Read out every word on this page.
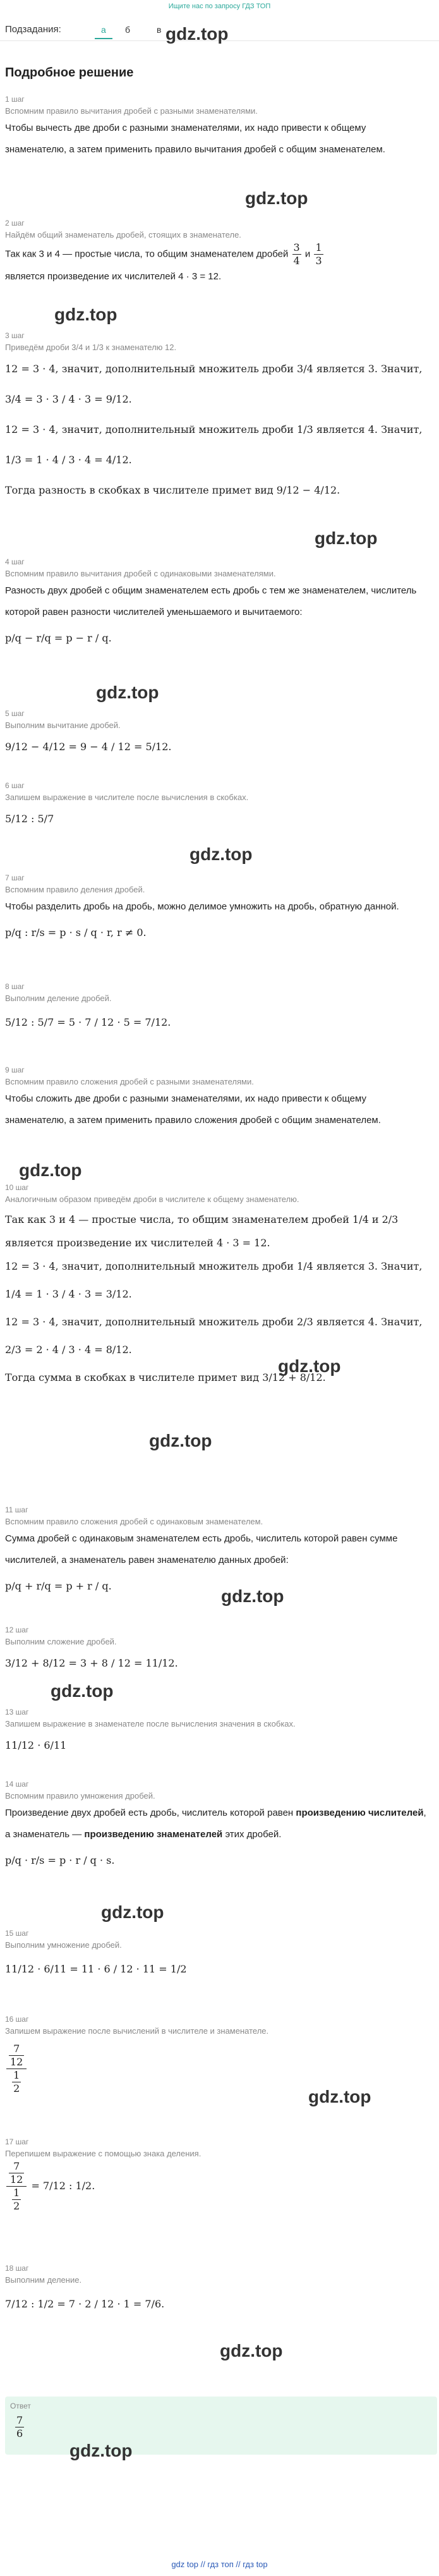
Ищите нас по запросу ГДЗ ТОП
Подзадания:	а	б	в gdz.top
Подробное решение
1 шаг
Вспомним правило вычитания дробей с разными знаменателями.
Чтобы вычесть две дроби с разными знаменателями, их надо привести к общему знаменателю, а затем применить правило вычитания дробей с общим знаменателем.
gdz.top
2 шаг
Найдём общий знаменатель дробей, стоящих в знаменателе.
Так как 3 и 4 — простые числа, то общим знаменателем дробей $\frac{3}{4}$ и $\frac{1}{3}$
является произведение их числителей 4 · 3 = 12.
gdz.top
3 шаг
Приведём дроби 3/4 и 1/3 к знаменателю 12.
12 = 3 · 4, значит, дополнительный множитель дроби 3/4 является 3. Значит,
3/4 = 3 · 3 / 4 · 3 = 9/12.
12 = 3 · 4, значит, дополнительный множитель дроби 1/3 является 4. Значит,
1/3 = 1 · 4 / 3 · 4 = 4/12.
Тогда разность в скобках в числителе примет вид 9/12 − 4/12.
gdz.top
4 шаг
Вспомним правило вычитания дробей с одинаковыми знаменателями.
Разность двух дробей с общим знаменателем есть дробь с тем же знаменателем, числитель которой равен разности числителей уменьшаемого и вычитаемого:
p/q − r/q = p − r / q.
gdz.top
5 шаг
Выполним вычитание дробей.
9/12 − 4/12 = 9 − 4 / 12 = 5/12.
6 шаг
Запишем выражение в числителе после вычисления в скобках.
5/12 : 5/7
gdz.top
7 шаг
Вспомним правило деления дробей.
Чтобы разделить дробь на дробь, можно делимое умножить на дробь, обратную данной.
p/q : r/s = p · s / q · r, r ≠ 0.
8 шаг
Выполним деление дробей.
5/12 : 5/7 = 5 · 7 / 12 · 5 = 7/12.
9 шаг
Вспомним правило сложения дробей с разными знаменателями.
Чтобы сложить две дроби с разными знаменателями, их надо привести к общему знаменателю, а затем применить правило сложения дробей с общим знаменателем.
gdz.top
10 шаг
Аналогичным образом приведём дроби в числителе к общему знаменателю.
Так как 3 и 4 — простые числа, то общим знаменателем дробей 1/4 и 2/3
является произведение их числителей 4 · 3 = 12.
12 = 3 · 4, значит, дополнительный множитель дроби 1/4 является 3. Значит,
1/4 = 1 · 3 / 4 · 3 = 3/12.
12 = 3 · 4, значит, дополнительный множитель дроби 2/3 является 4. Значит,
2/3 = 2 · 4 / 3 · 4 = 8/12.
Тогда сумма в скобках в числителе примет вид 3/12 + 8/12.
gdz.top
gdz.top
11 шаг
Вспомним правило сложения дробей с одинаковым знаменателем.
Сумма дробей с одинаковым знаменателем есть дробь, числитель которой равен сумме числителей, а знаменатель равен знаменателю данных дробей:
p/q + r/q = p + r / q.
gdz.top
12 шаг
Выполним сложение дробей.
3/12 + 8/12 = 3 + 8 / 12 = 11/12.
gdz.top
13 шаг
Запишем выражение в знаменателе после вычисления значения в скобках.
11/12 · 6/11
14 шаг
Вспомним правило умножения дробей.
Произведение двух дробей есть дробь, числитель которой равен произведению числителей, а знаменатель — произведению знаменателей этих дробей.
p/q · r/s = p · r / q · s.
gdz.top
15 шаг
Выполним умножение дробей.
11/12 · 6/11 = 11 · 6 / 12 · 11 = 1/2
16 шаг
Запишем выражение после вычислений в числителе и знаменателе.
7
12
$\frac{1}{2}$
gdz.top
17 шаг
Перепишем выражение с помощью знака деления.
7
12
$\frac{1}{2} = 7/12$ : 1/2.
18 шаг
Выполним деление.
7/12 : 1/2 = 7 · 2 / 12 · 1 = 7/6.
gdz.top
Ответ
$\frac{7}{6}$
gdz.top
gdz top // гдз топ // гдз top
